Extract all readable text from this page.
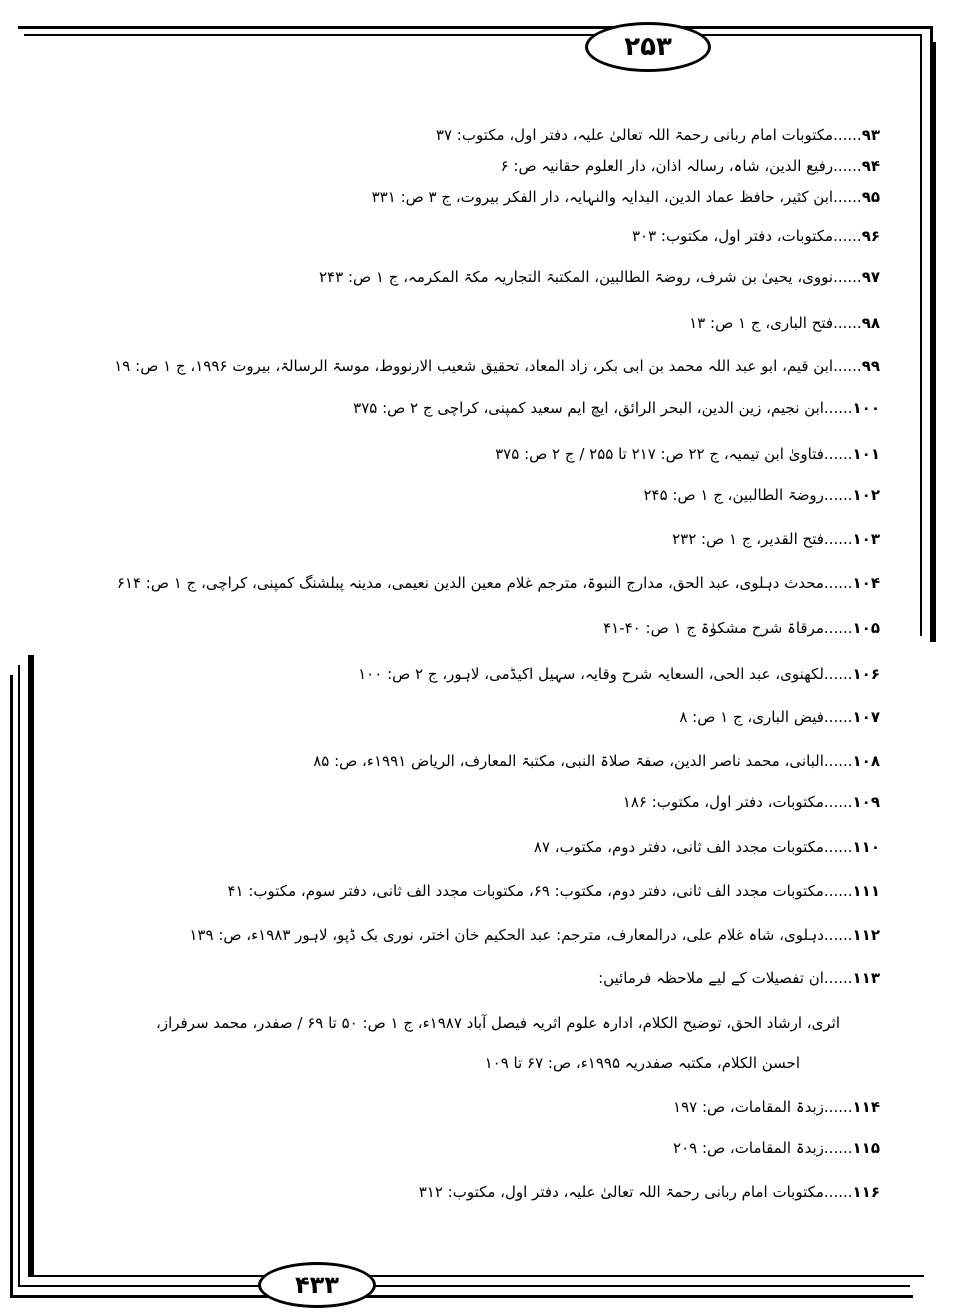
۲۵۳
۴۳۳
۹۳......مکتوبات امام ربانی رحمۃ اللہ تعالیٰ علیہ، دفتر اول، مکتوب: ۳۷
۹۴......رفیع الدین، شاہ، رسالہ اذان، دار العلوم حقانیہ ص: ۶
۹۵......ابن کثیر، حافظ عماد الدین، البدایہ والنہایہ، دار الفکر بیروت، ج ۳ ص: ۳۳۱
۹۶......مکتوبات، دفتر اول، مکتوب: ۳۰۳
۹۷......نووی، یحییٰ بن شرف، روضۃ الطالبین، المکتبۃ التجاریہ مکۃ المکرمہ، ج ۱ ص: ۲۴۳
۹۸......فتح الباری، ج ۱ ص: ۱۳
۹۹......ابن قیم، ابو عبد اللہ محمد بن ابی بکر، زاد المعاد، تحقیق شعیب الارنووط، موسۃ الرسالۃ، بیروت ۱۹۹۶، ج ۱ ص: ۱۹
۱۰۰......ابن نجیم، زین الدین، البحر الرائق، ایچ ایم سعید کمپنی، کراچی ج ۲ ص: ۳۷۵
۱۰۱......فتاویٰ ابن تیمیہ، ج ۲۲ ص: ۲۱۷ تا ۲۵۵ / ج ۲ ص: ۳۷۵
۱۰۲......روضۃ الطالبین، ج ۱ ص: ۲۴۵
۱۰۳......فتح القدیر، ج ۱ ص: ۲۳۲
۱۰۴......محدث دہلوی، عبد الحق، مدارج النبوۃ، مترجم غلام معین الدین نعیمی، مدینہ پبلشنگ کمپنی، کراچی، ج ۱ ص: ۶۱۴
۱۰۵......مرقاۃ شرح مشکوٰۃ ج ۱ ص: ۴۰-۴۱
۱۰۶......لکھنوی، عبد الحی، السعایہ شرح وقایہ، سہیل اکیڈمی، لاہور، ج ۲ ص: ۱۰۰
۱۰۷......فیض الباری، ج ۱ ص: ۸
۱۰۸......البانی، محمد ناصر الدین، صفۃ صلاۃ النبی، مکتبۃ المعارف، الریاض ۱۹۹۱ء، ص: ۸۵
۱۰۹......مکتوبات، دفتر اول، مکتوب: ۱۸۶
۱۱۰......مکتوبات مجدد الف ثانی، دفتر دوم، مکتوب، ۸۷
۱۱۱......مکتوبات مجدد الف ثانی، دفتر دوم، مکتوب: ۶۹، مکتوبات مجدد الف ثانی، دفتر سوم، مکتوب: ۴۱
۱۱۲......دہلوی، شاہ غلام علی، درالمعارف، مترجم: عبد الحکیم خان اختر، نوری بک ڈپو، لاہور ۱۹۸۳ء، ص: ۱۳۹
۱۱۳......ان تفصیلات کے لیے ملاحظہ فرمائیں:
۱۱۴......زبدۃ المقامات، ص: ۱۹۷
۱۱۵......زبدۃ المقامات، ص: ۲۰۹
۱۱۶......مکتوبات امام ربانی رحمۃ اللہ تعالیٰ علیہ، دفتر اول، مکتوب: ۳۱۲
اثری، ارشاد الحق، توضیح الکلام، ادارہ علوم اثریہ فیصل آباد ۱۹۸۷ء، ج ۱ ص: ۵۰ تا ۶۹ / صفدر، محمد سرفراز،
احسن الکلام، مکتبہ صفدریہ ۱۹۹۵ء، ص: ۶۷ تا ۱۰۹
